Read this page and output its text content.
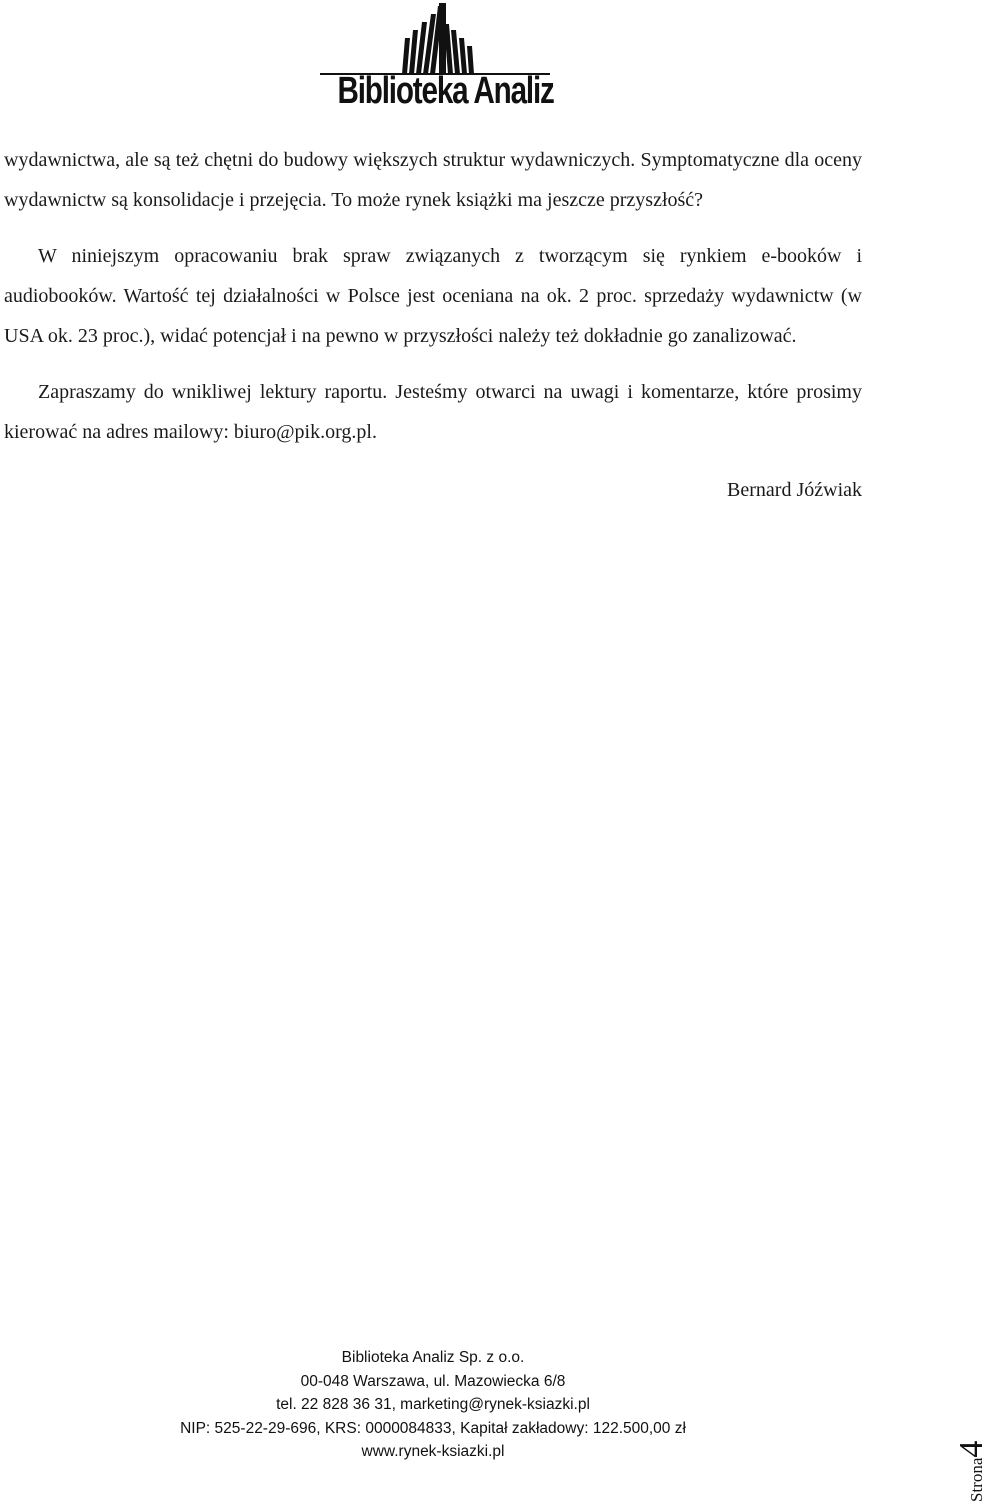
Biblioteka Analiz

wydawnictwa, ale są też chętni do budowy większych struktur wydawniczych. Symptomatyczne dla oceny wydawnictw są konsolidacje i przejęcia. To może rynek książki ma jeszcze przyszłość?

W niniejszym opracowaniu brak spraw związanych z tworzącym się rynkiem e-booków i audiobooków. Wartość tej działalności w Polsce jest oceniana na ok. 2 proc. sprzedaży wydawnictw (w USA ok. 23 proc.), widać potencjał i na pewno w przyszłości należy też dokładnie go zanalizować.

Zapraszamy do wnikliwej lektury raportu. Jesteśmy otwarci na uwagi i komentarze, które prosimy kierować na adres mailowy: biuro@pik.org.pl.

Bernard Jóźwiak

Biblioteka Analiz Sp. z o.o.
00-048 Warszawa, ul. Mazowiecka 6/8
tel. 22 828 36 31, marketing@rynek-ksiazki.pl
NIP: 525-22-29-696, KRS: 0000084833, Kapitał zakładowy: 122.500,00 zł
www.rynek-ksiazki.pl
Strona4
